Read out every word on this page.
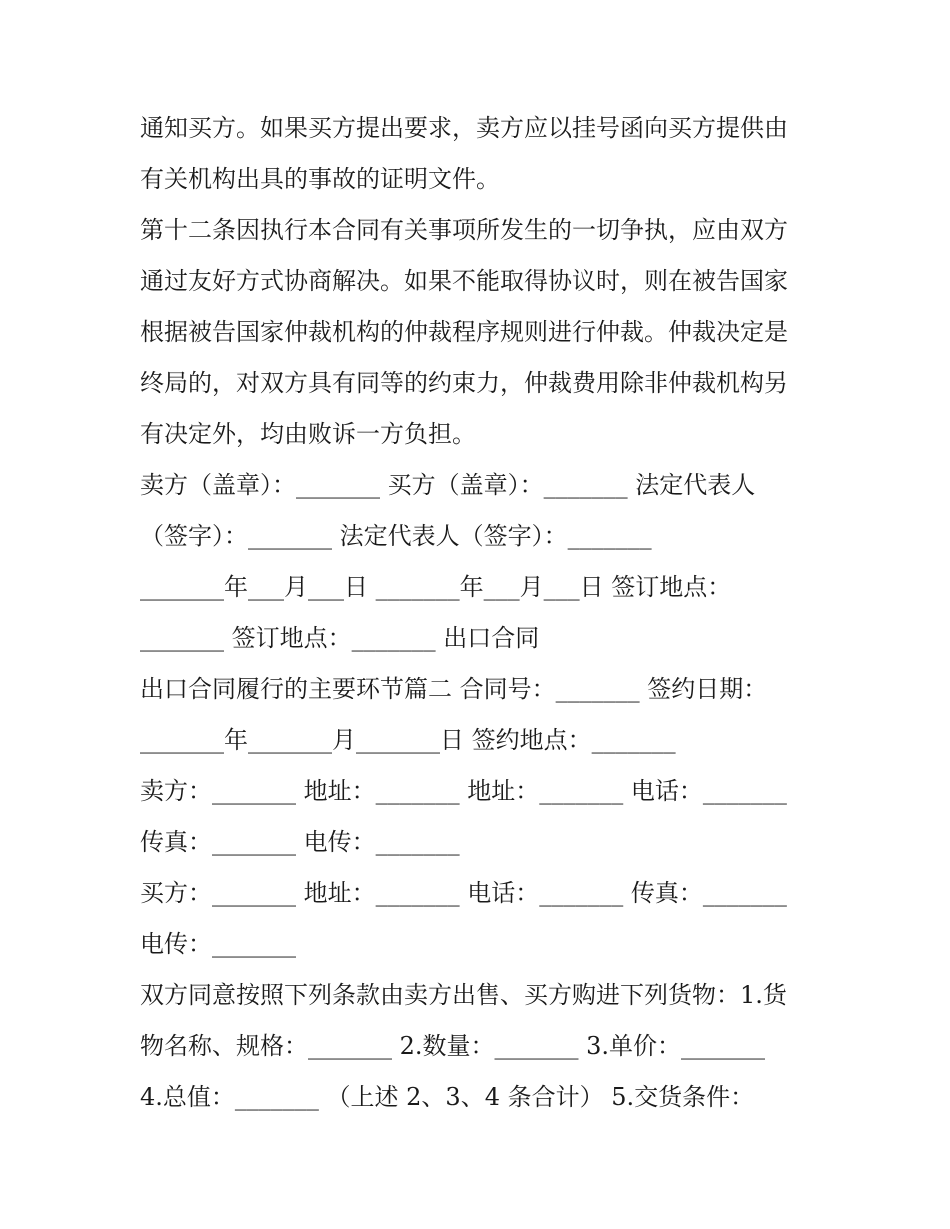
通知买方。如果买方提出要求，卖方应以挂号函向买方提供由
有关机构出具的事故的证明文件。
第十二条因执行本合同有关事项所发生的一切争执，应由双方
通过友好方式协商解决。如果不能取得协议时，则在被告国家
根据被告国家仲裁机构的仲裁程序规则进行仲裁。仲裁决定是
终局的，对双方具有同等的约束力，仲裁费用除非仲裁机构另
有决定外，均由败诉一方负担。
卖方（盖章）：_______ 买方（盖章）：_______ 法定代表人
（签字）：_______ 法定代表人（签字）：_______
_______年___月___日 _______年___月___日 签订地点：
_______ 签订地点：_______ 出口合同
出口合同履行的主要环节篇二 合同号：_______ 签约日期：
_______年_______月_______日 签约地点：_______
卖方：_______ 地址：_______ 地址：_______ 电话：_______
传真：_______ 电传：_______
买方：_______ 地址：_______ 电话：_______ 传真：_______
电传：_______
双方同意按照下列条款由卖方出售、买方购进下列货物：1.货
物名称、规格：_______ 2.数量：_______ 3.单价：_______
4.总值：_______ （上述 2、3、4 条合计） 5.交货条件：
